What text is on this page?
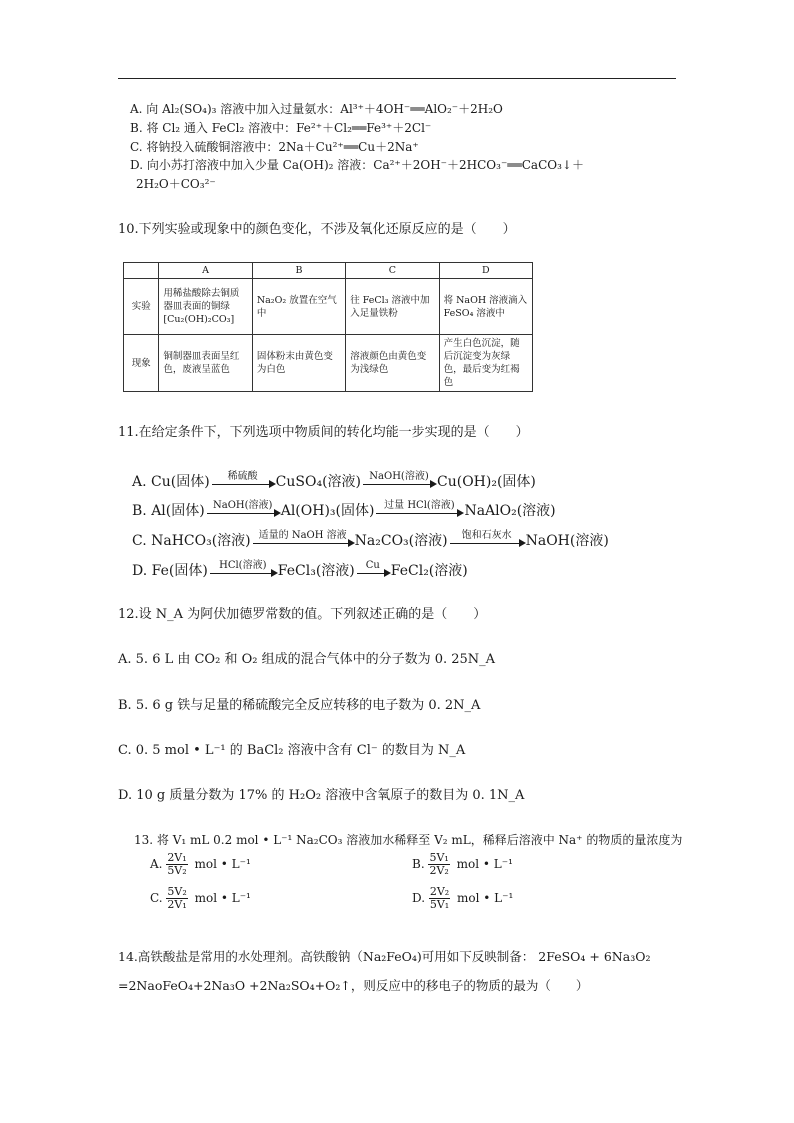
A. 向 Al₂(SO₄)₃ 溶液中加入过量氨水：Al³⁺＋4OH⁻══AlO₂⁻＋2H₂O
B. 将 Cl₂ 通入 FeCl₂ 溶液中：Fe²⁺＋Cl₂══Fe³⁺＋2Cl⁻
C. 将钠投入硫酸铜溶液中：2Na＋Cu²⁺══Cu＋2Na⁺
D. 向小苏打溶液中加入少量 Ca(OH)₂ 溶液：Ca²⁺＋2OH⁻＋2HCO₃⁻══CaCO₃↓＋
2H₂O＋CO₃²⁻
10.下列实验或现象中的颜色变化，不涉及氧化还原反应的是（　　）
	A	B	C	D
实验	用稀盐酸除去铜质器皿表面的铜绿[Cu₂(OH)₂CO₃]	Na₂O₂ 放置在空气中	往 FeCl₃ 溶液中加入足量铁粉	将 NaOH 溶液滴入 FeSO₄ 溶液中
现象	铜制器皿表面呈红色，废液呈蓝色	固体粉末由黄色变为白色	溶液颜色由黄色变为浅绿色	产生白色沉淀，随后沉淀变为灰绿色，最后变为红褐色
11.在给定条件下，下列选项中物质间的转化均能一步实现的是（　　）
A. Cu(固体)	稀硫酸	CuSO₄(溶液) NaOH(溶液) Cu(OH)₂(固体)
B. Al(固体) NaOH(溶液) Al(OH)₃(固体) 过量 HCl(溶液) NaAlO₂(溶液)
C. NaHCO₃(溶液) 适量的 NaOH 溶液 Na₂CO₃(溶液)	饱和石灰水	NaOH(溶液)
D. Fe(固体)	HCl(溶液) FeCl₃(溶液)	Cu FeCl₂(溶液)
12.设 N_A 为阿伏加德罗常数的值。下列叙述正确的是（　　）
A. 5. 6 L 由 CO₂ 和 O₂ 组成的混合气体中的分子数为 0. 25N_A
B. 5. 6 g 铁与足量的稀硫酸完全反应转移的电子数为 0. 2N_A
C. 0. 5 mol • L⁻¹ 的 BaCl₂ 溶液中含有 Cl⁻ 的数目为 N_A
D. 10 g 质量分数为 17% 的 H₂O₂ 溶液中含氧原子的数目为 0. 1N_A
13. 将 V₁ mL 0.2 mol • L⁻¹ Na₂CO₃ 溶液加水稀释至 V₂ mL，稀释后溶液中 Na⁺ 的物质的量浓度为
A. $\frac{\text{2V₁}}{\text{5V₂}}$ mol • L⁻¹	B. $\frac{\text{5V₁}}{\text{2V₂}}$ mol • L⁻¹
C. $\frac{\text{5V₂}}{\text{2V₁}}$ mol • L⁻¹	D. $\frac{\text{2V₂}}{\text{5V₁}}$ mol • L⁻¹
14.高铁酸盐是常用的水处理剂。高铁酸钠（Na₂FeO₄)可用如下反映制备： 2FeSO₄ + 6Na₃O₂
=2NaoFeO₄+2Na₃O +2Na₂SO₄+O₂↑，则反应中的移电子的物质的最为（　　）
